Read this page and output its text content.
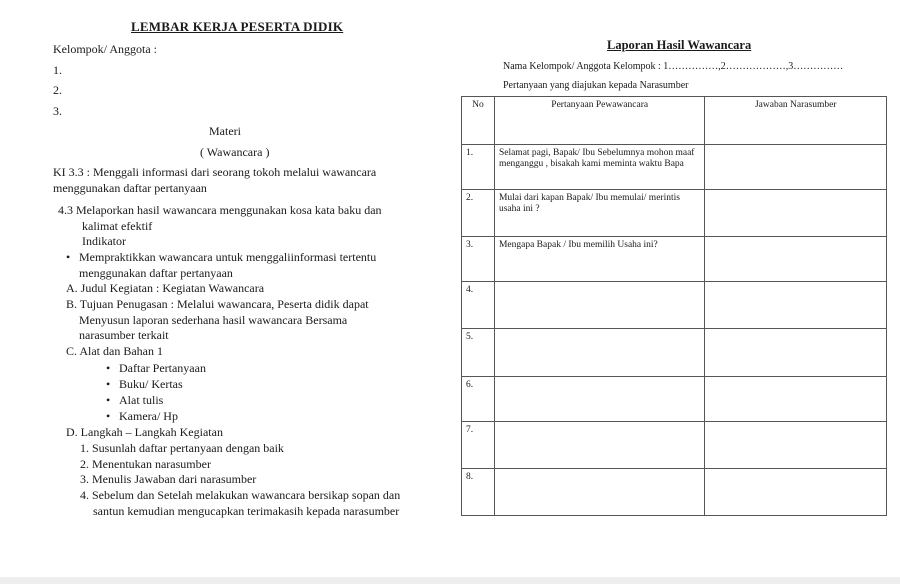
LEMBAR KERJA PESERTA DIDIK
Kelompok/ Anggota :
1.
2.
3.
Materi
( Wawancara )
KI 3.3 : Menggali informasi dari seorang tokoh melalui wawancara
menggunakan daftar pertanyaan
4.3 Melaporkan hasil wawancara menggunakan kosa kata baku dan
kalimat efektif
Indikator
• Mempraktikkan wawancara untuk menggaliinformasi tertentu
menggunakan daftar pertanyaan
A. Judul Kegiatan : Kegiatan Wawancara
B. Tujuan Penugasan : Melalui wawancara, Peserta didik dapat
Menyusun laporan sederhana hasil wawancara Bersama
narasumber terkait
C. Alat dan Bahan 1
• Daftar Pertanyaan
• Buku/ Kertas
• Alat tulis
• Kamera/ Hp
D. Langkah – Langkah Kegiatan
1. Susunlah daftar pertanyaan dengan baik
2. Menentukan narasumber
3. Menulis Jawaban dari narasumber
4. Sebelum dan Setelah melakukan wawancara bersikap sopan dan
santun kemudian mengucapkan terimakasih kepada narasumber
Laporan Hasil Wawancara
Nama Kelompok/ Anggota Kelompok : 1……………,2………………,3……………
Pertanyaan yang diajukan kepada Narasumber
No	Pertanyaan Pewawancara	Jawaban Narasumber
1.	Selamat pagi, Bapak/ Ibu Sebelumnya mohon maaf menganggu , bisakah kami meminta waktu Bapa	
2.	Mulai dari kapan Bapak/ Ibu memulai/ merintis usaha ini ?	
3.	Mengapa Bapak / Ibu memilih Usaha ini?	
4.		
5.		
6.		
7.		
8.		
